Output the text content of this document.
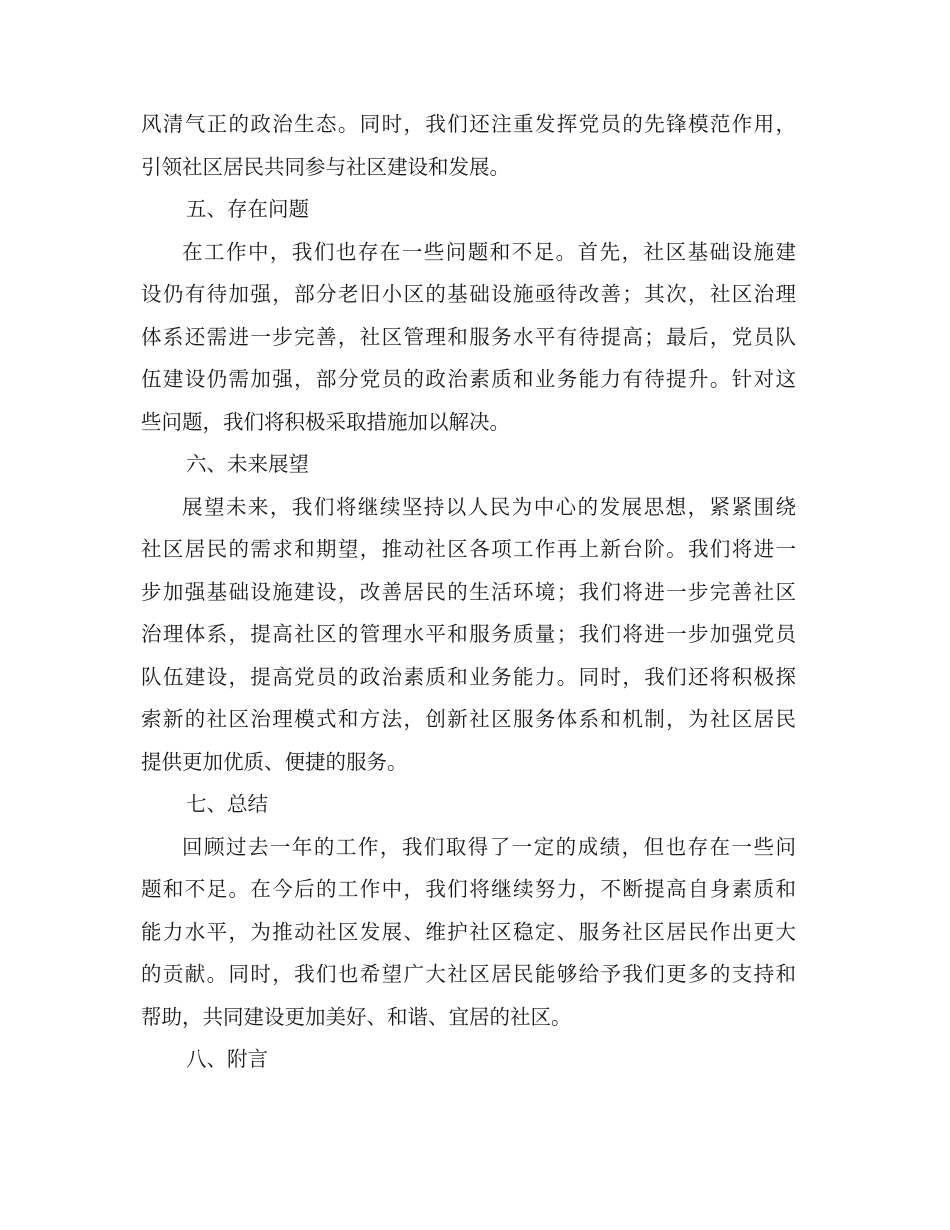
风清气正的政治生态。同时，我们还注重发挥党员的先锋模范作用，
引领社区居民共同参与社区建设和发展。
五、存在问题
在工作中，我们也存在一些问题和不足。首先，社区基础设施建
设仍有待加强，部分老旧小区的基础设施亟待改善；其次，社区治理
体系还需进一步完善，社区管理和服务水平有待提高；最后，党员队
伍建设仍需加强，部分党员的政治素质和业务能力有待提升。针对这
些问题，我们将积极采取措施加以解决。
六、未来展望
展望未来，我们将继续坚持以人民为中心的发展思想，紧紧围绕
社区居民的需求和期望，推动社区各项工作再上新台阶。我们将进一
步加强基础设施建设，改善居民的生活环境；我们将进一步完善社区
治理体系，提高社区的管理水平和服务质量；我们将进一步加强党员
队伍建设，提高党员的政治素质和业务能力。同时，我们还将积极探
索新的社区治理模式和方法，创新社区服务体系和机制，为社区居民
提供更加优质、便捷的服务。
七、总结
回顾过去一年的工作，我们取得了一定的成绩，但也存在一些问
题和不足。在今后的工作中，我们将继续努力，不断提高自身素质和
能力水平，为推动社区发展、维护社区稳定、服务社区居民作出更大
的贡献。同时，我们也希望广大社区居民能够给予我们更多的支持和
帮助，共同建设更加美好、和谐、宜居的社区。
八、附言
